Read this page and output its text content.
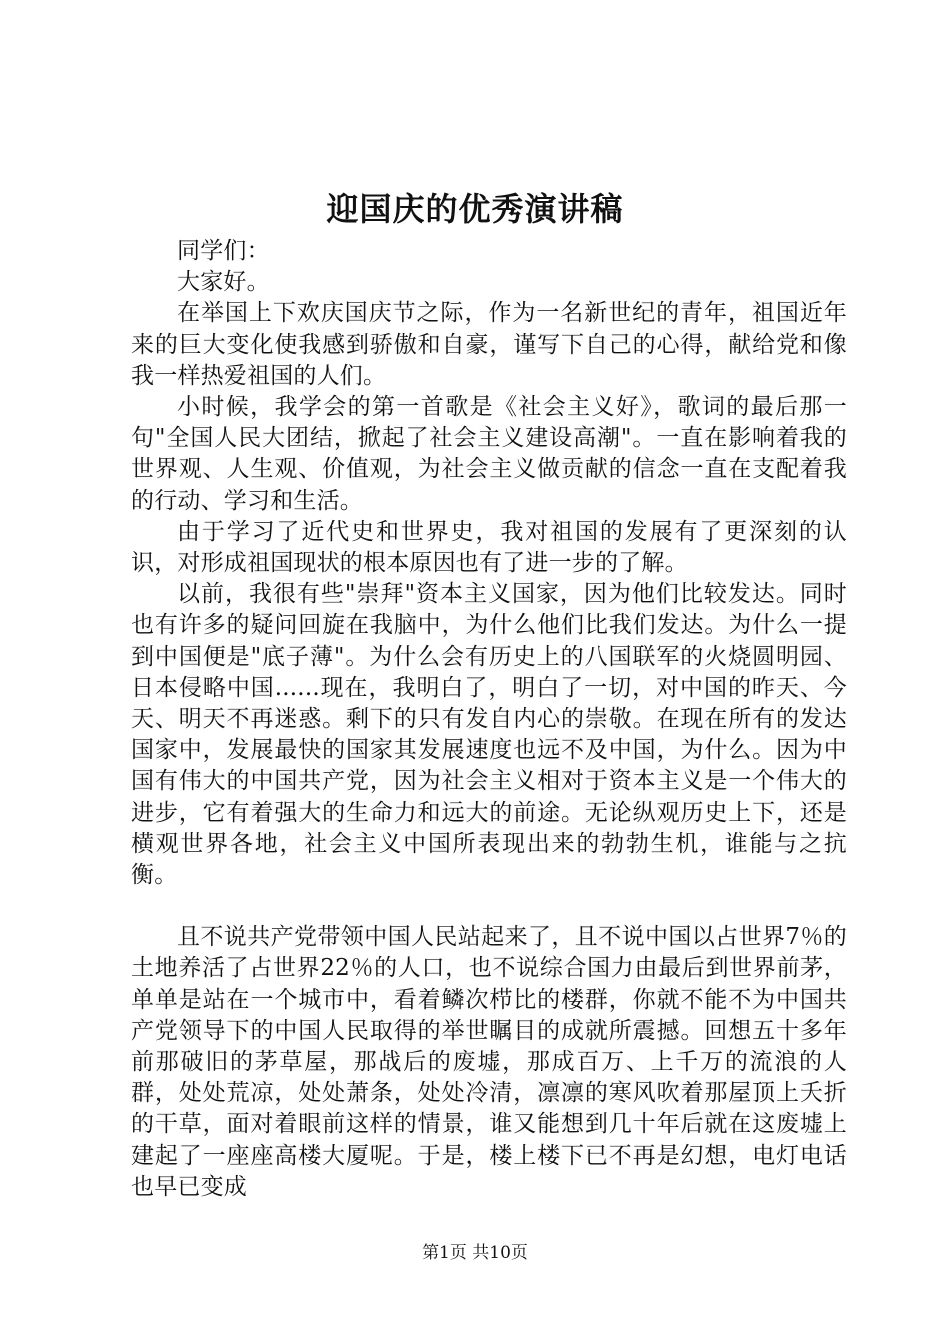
迎国庆的优秀演讲稿

同学们：

大家好。

在举国上下欢庆国庆节之际，作为一名新世纪的青年，祖国近年来的巨大变化使我感到骄傲和自豪，谨写下自己的心得，献给党和像我一样热爱祖国的人们。

小时候，我学会的第一首歌是《社会主义好》，歌词的最后那一句"全国人民大团结，掀起了社会主义建设高潮"。一直在影响着我的世界观、人生观、价值观，为社会主义做贡献的信念一直在支配着我的行动、学习和生活。

由于学习了近代史和世界史，我对祖国的发展有了更深刻的认识，对形成祖国现状的根本原因也有了进一步的了解。

以前，我很有些"崇拜"资本主义国家，因为他们比较发达。同时也有许多的疑问回旋在我脑中，为什么他们比我们发达。为什么一提到中国便是"底子薄"。为什么会有历史上的八国联军的火烧圆明园、日本侵略中国......现在，我明白了，明白了一切，对中国的昨天、今天、明天不再迷惑。剩下的只有发自内心的崇敬。在现在所有的发达国家中，发展最快的国家其发展速度也远不及中国，为什么。因为中国有伟大的中国共产党，因为社会主义相对于资本主义是一个伟大的进步，它有着强大的生命力和远大的前途。无论纵观历史上下，还是横观世界各地，社会主义中国所表现出来的勃勃生机，谁能与之抗衡。

且不说共产党带领中国人民站起来了，且不说中国以占世界7％的土地养活了占世界22％的人口，也不说综合国力由最后到世界前茅，单单是站在一个城市中，看着鳞次栉比的楼群，你就不能不为中国共产党领导下的中国人民取得的举世瞩目的成就所震撼。回想五十多年前那破旧的茅草屋，那战后的废墟，那成百万、上千万的流浪的人群，处处荒凉，处处萧条，处处冷清，凛凛的寒风吹着那屋顶上夭折的干草，面对着眼前这样的情景，谁又能想到几十年后就在这废墟上建起了一座座高楼大厦呢。于是，楼上楼下已不再是幻想，电灯电话也早已变成

第1页 共10页
